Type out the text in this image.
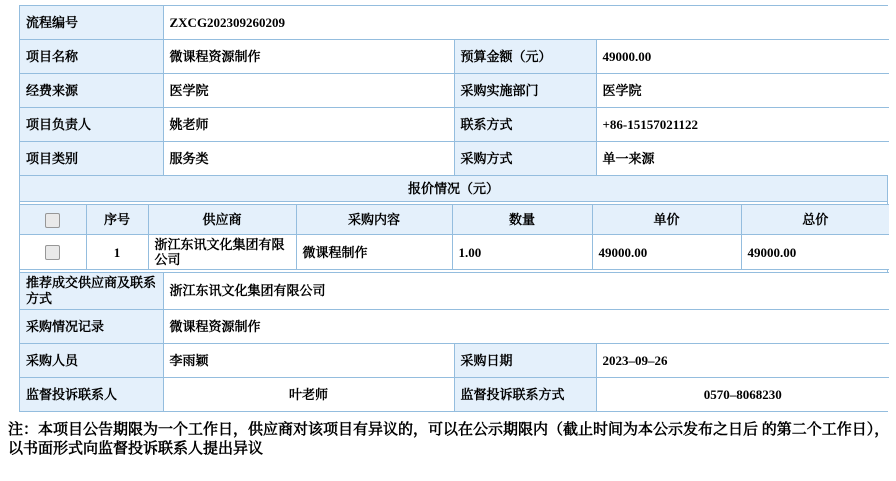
流程编号	ZXCG202309260209		
项目名称	微课程资源制作	预算金额（元）	49000.00
经费来源	医学院	采购实施部门	医学院
项目负责人	姚老师	联系方式	+86-15157021122
项目类别	服务类	采购方式	单一来源
报价情况（元）
	序号	供应商	采购内容	数量	单价	总价
	1	浙江东讯文化集团有限公司	微课程制作	1.00	49000.00	49000.00
推荐成交供应商及联系方式	浙江东讯文化集团有限公司		
采购情况记录	微课程资源制作		
采购人员	李雨颖	采购日期	2023–09–26
监督投诉联系人	叶老师	监督投诉联系方式	0570–8068230

注：本项目公告期限为一个工作日，供应商对该项目有异议的，可以在公示期限内（截止时间为本公示发布之日后 的第二个工作日），以书面形式向监督投诉联系人提出异议
